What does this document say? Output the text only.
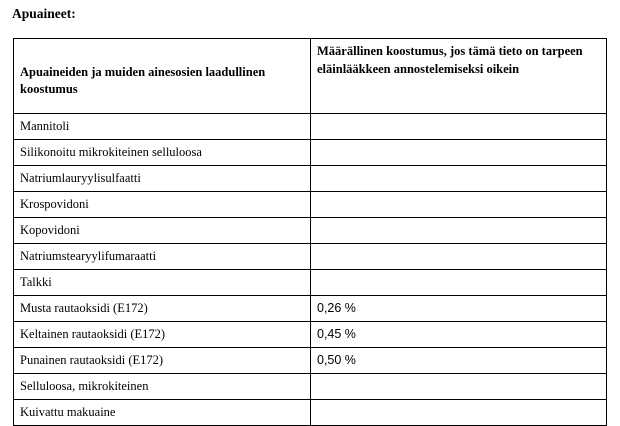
Apuaineet:

Apuaineiden ja muiden ainesosien laadullinen koostumus	Määrällinen koostumus, jos tämä tieto on tarpeen eläinlääkkeen annostelemiseksi oikein
Mannitoli	
Silikonoitu mikrokiteinen selluloosa	
Natriumlauryylisulfaatti	
Krospovidoni	
Kopovidoni	
Natriumstearyylifumaraatti	
Talkki	
Musta rautaoksidi (E172)	0,26 %
Keltainen rautaoksidi (E172)	0,45 %
Punainen rautaoksidi (E172)	0,50 %
Selluloosa, mikrokiteinen	
Kuivattu makuaine	
